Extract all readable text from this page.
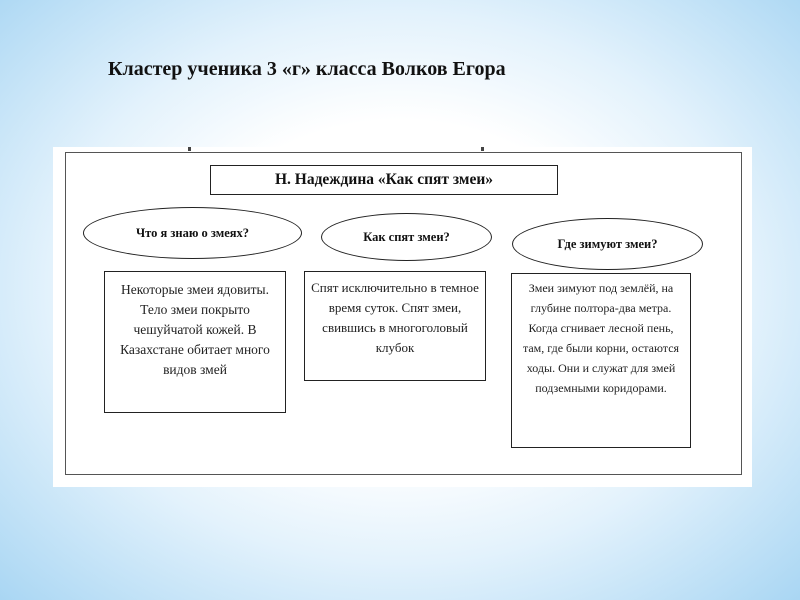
Кластер ученика 3 «г» класса Волков Егора
Н. Надеждина «Как спят змеи»
Что я знаю о змеях?	Как спят змеи?	Где зимуют змеи?
Некоторые змеи ядовиты. Тело змеи покрыто чешуйчатой кожей. В Казахстане обитает много видов змей
Спят исключительно в темное время суток. Спят змеи, свившись в многоголовый клубок
Змеи зимуют под землёй, на глубине полтора-два метра. Когда сгнивает лесной пень, там, где были корни, остаются ходы. Они и служат для змей подземными коридорами.
